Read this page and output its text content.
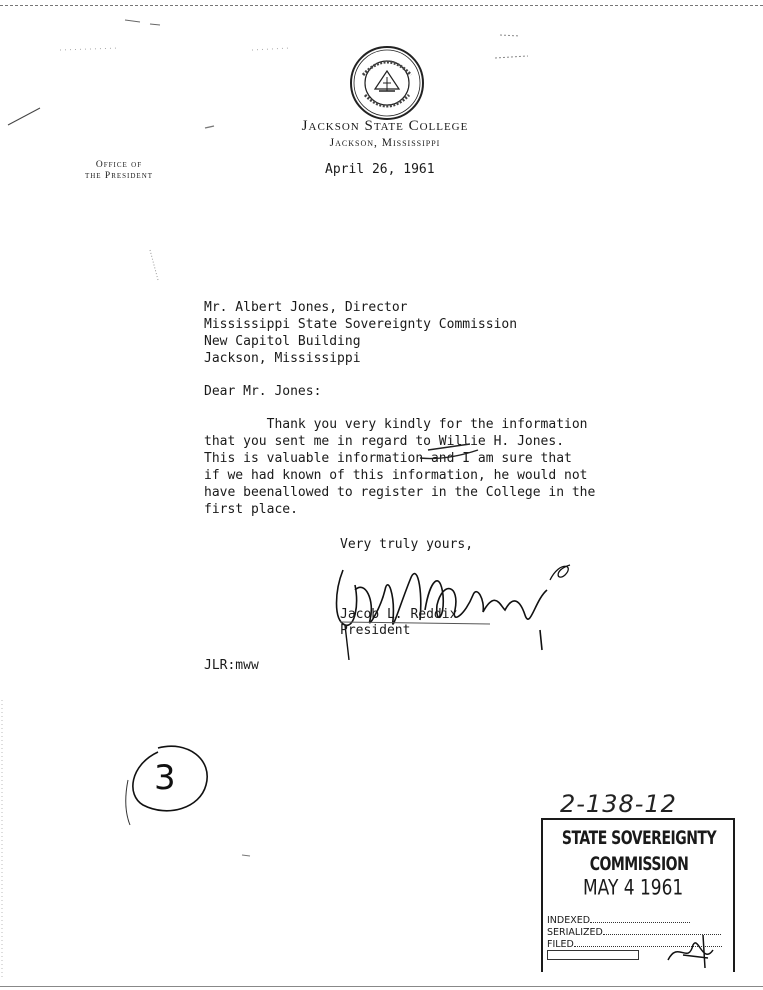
Jackson State College
Jackson, Mississippi
Office of
the President	April 26, 1961
Mr. Albert Jones, Director
Mississippi State Sovereignty Commission
New Capitol Building
Jackson, Mississippi
Dear Mr. Jones:
Thank you very kindly for the information
that you sent me in regard to Willie H. Jones.
This is valuable information and I am sure that
if we had known of this information, he would not
have beenallowed to register in the College in the
first place.
Very truly yours,
Jacob L. Reddix
President
JLR:mww
3
2-138-12
STATE SOVEREIGNTY COMMISSION
MAY 4 1961
INDEXED
SERIALIZED
FILED
